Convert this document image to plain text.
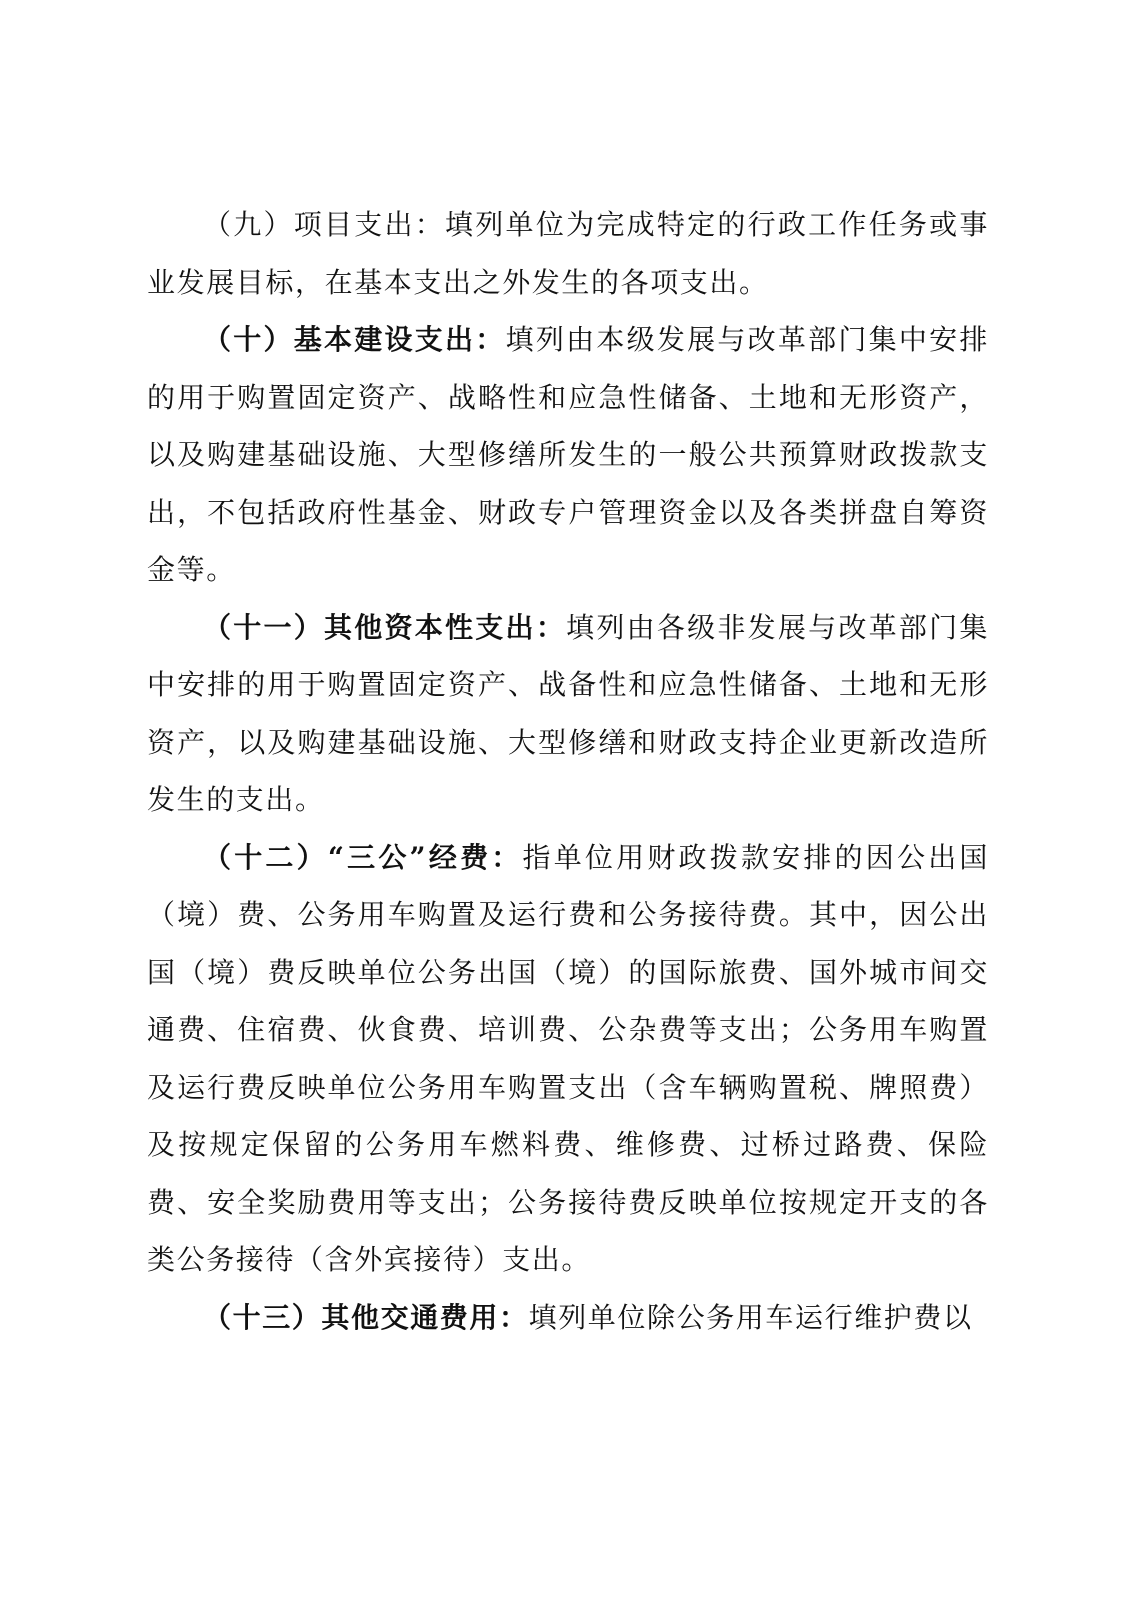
（九）项目支出：填列单位为完成特定的行政工作任务或事业发展目标，在基本支出之外发生的各项支出。

（十）基本建设支出：填列由本级发展与改革部门集中安排的用于购置固定资产、战略性和应急性储备、土地和无形资产，以及购建基础设施、大型修缮所发生的一般公共预算财政拨款支出，不包括政府性基金、财政专户管理资金以及各类拼盘自筹资金等。

（十一）其他资本性支出：填列由各级非发展与改革部门集中安排的用于购置固定资产、战备性和应急性储备、土地和无形资产，以及购建基础设施、大型修缮和财政支持企业更新改造所发生的支出。

（十二）“三公”经费：指单位用财政拨款安排的因公出国（境）费、公务用车购置及运行费和公务接待费。其中，因公出国（境）费反映单位公务出国（境）的国际旅费、国外城市间交通费、住宿费、伙食费、培训费、公杂费等支出；公务用车购置及运行费反映单位公务用车购置支出（含车辆购置税、牌照费）及按规定保留的公务用车燃料费、维修费、过桥过路费、保险费、安全奖励费用等支出；公务接待费反映单位按规定开支的各类公务接待（含外宾接待）支出。

（十三）其他交通费用：填列单位除公务用车运行维护费以
